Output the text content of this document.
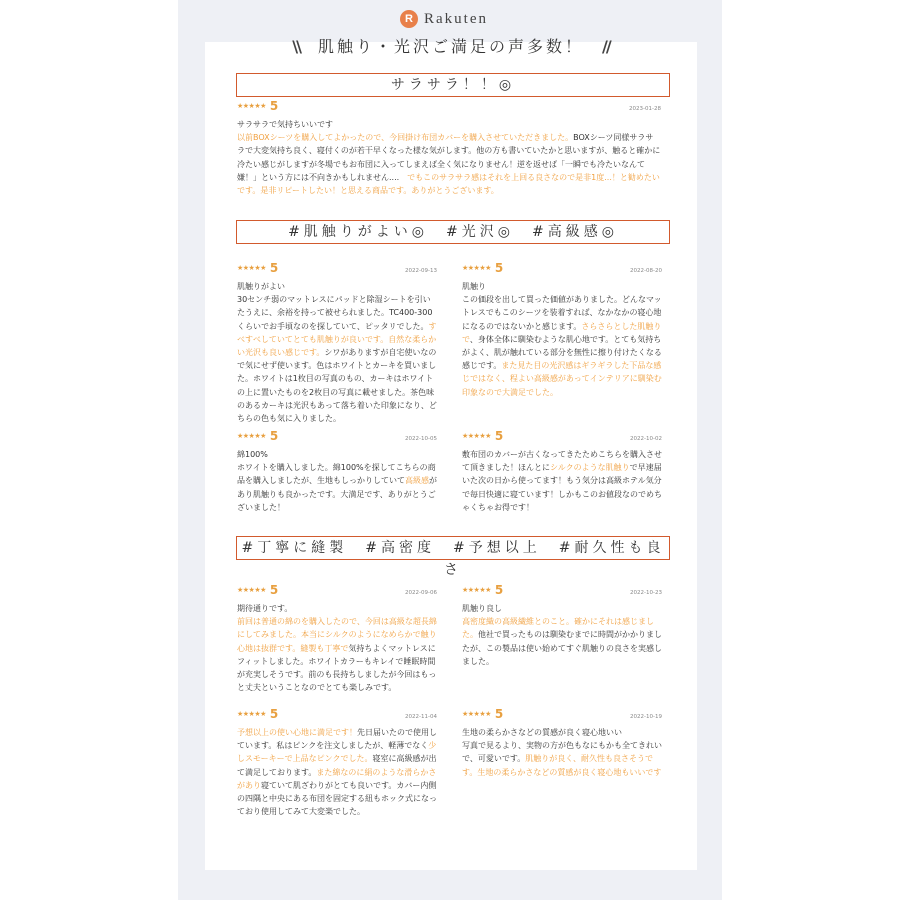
R Rakuten
\\ 肌触り・光沢ご満足の声多数！ //
サラサラ！！◎
#肌触りがよい◎　#光沢◎　#高級感◎
#丁寧に縫製　#高密度　#予想以上　#耐久性も良さ
★★★★★ 5	2023-01-28
サラサラで気持ちいいです
以前BOXシーツを購入してよかったので、今回掛け布団カバーを購入させていただきました。BOXシーツ同様サラサラで大変気持ち良く、寝付くのが若干早くなった様な気がします。他の方も書いていたかと思いますが、触ると確かに冷たい感じがしますが冬場でもお布団に入ってしまえば全く気になりません！逆を返せば「一瞬でも冷たいなんて嫌！」という方には不向きかもしれません....　でもこのサラサラ感はそれを上回る良さなので是非1度...！と勧めたいです。是非リピートしたい！と思える商品です。ありがとうございます。
★★★★★ 5	2022-09-13
肌触りがよい
30センチ弱のマットレスにパッドと除湿シートを引いたうえに、余裕を持って被せられました。TC400-300くらいでお手頃なのを探していて、ピッタリでした。すべすべしていてとても肌触りが良いです。自然な柔らかい光沢も良い感じです。シワがありますが自宅使いなので気にせず使います。色はホワイトとカーキを買いました。ホワイトは1枚目の写真のもの、カーキはホワイトの上に置いたものを2枚目の写真に載せました。茶色味のあるカーキは光沢もあって落ち着いた印象になり、どちらの色も気に入りました。
★★★★★ 5	2022-08-20
肌触り
この価段を出して買った価値がありました。どんなマットレスでもこのシーツを装着すれば、なかなかの寝心地になるのではないかと感じます。さらさらとした肌触りで、身体全体に馴染むような肌心地です。とても気持ちがよく、肌が触れている部分を無性に擦り付けたくなる感じです。また見た目の光沢感はギラギラした下品な感じではなく、程よい高級感があってインテリアに馴染む印象なので大満足でした。
★★★★★ 5	2022-10-05
綿100%
ホワイトを購入しました。綿100%を探してこちらの商品を購入しましたが、生地もしっかりしていて高級感があり肌触りも良かったです。大満足です、ありがとうございました！
★★★★★ 5	2022-10-02
敷布団のカバーが古くなってきたためこちらを購入させて頂きました！ほんとにシルクのような肌触りで早速届いた次の日から使ってます！もう気分は高級ホテル気分で毎日快適に寝ています！しかもこのお値段なのでめちゃくちゃお得です！
★★★★★ 5	2022-09-06
期待通りです。
前回は普通の綿のを購入したので、今回は高級な超長綿にしてみました。本当にシルクのようになめらかで触り心地は抜群です。縫製も丁寧で気持ちよくマットレスにフィットしました。ホワイトカラーもキレイで睡眠時間が充実しそうです。前のも長持ちしましたが今回はもっと丈夫ということなのでとても楽しみです。
★★★★★ 5	2022-10-23
肌触り良し
高密度織の高級繊維とのこと。確かにそれは感じました。他社で買ったものは馴染むまでに時間がかかりましたが、この製品は使い始めてすぐ肌触りの良さを実感しました。
★★★★★ 5	2022-11-04
予想以上の使い心地に満足です！先日届いたので使用しています。私はピンクを注文しましたが、軽薄でなく少しスモーキーで上品なピンクでした。寝室に高級感が出て満足しております。また綿なのに絹のような滑らかさがあり寝ていて肌ざわりがとても良いです。カバー内側の四隅と中央にある布団を固定する紐もホック式になっており使用してみて大変楽でした。
★★★★★ 5	2022-10-19
生地の柔らかさなどの質感が良く寝心地いい
写真で見るより、実物の方が色もなにもかも全てきれいで、可愛いです。肌触りが良く、耐久性も良さそうです。生地の柔らかさなどの質感が良く寝心地もいいです
